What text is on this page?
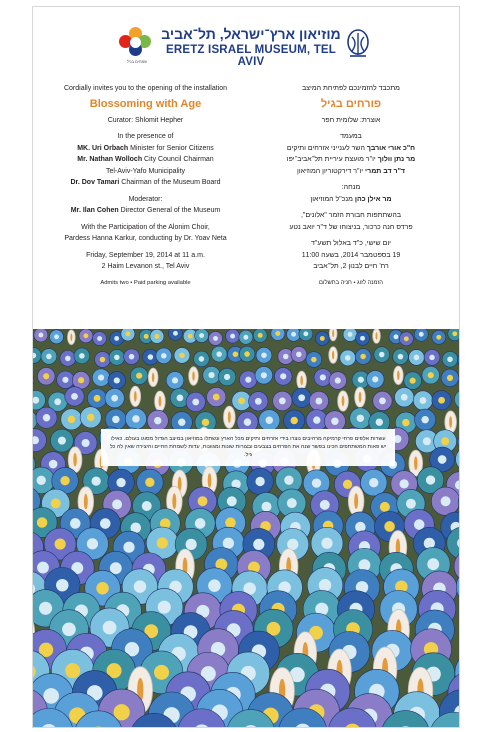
שמחים בגיל
מוזיאון ארץ־ישראל, תל־אביב
ERETZ ISRAEL MUSEUM, TEL AVIV

Cordially invites you to the opening of the installation

Blossoming with Age

Curator: Shlomit Hepher

In the presence of

MK. Uri Orbach Minister for Senior Citizens

Mr. Nathan Wolloch City Council Chairman

Tel-Aviv-Yafo Municipality

Dr. Dov Tamari Chairman of the Museum Board

Moderator:

Mr. Ilan Cohen Director General of the Museum

With the Participation of the Alonim Choir,

Pardess Hanna Karkur, conducting by Dr. Yoav Neta

Friday, September 19, 2014 at 11 a.m.

2 Haim Levanon st., Tel Aviv

Admits two • Paid parking available

מתכבד להזמינכם לפתיחת המיצב

פורחים בגיל

אוצרת: שלומית חפר

במעמד

ח"כ אורי אורבך השר לענייני אזרחים ותיקים

מר נתן וולוך יו"ר מועצת עיריית תל־אביב־יפו

ד"ר דב תמרי יו"ר דירקטוריון המוזיאון

מנחה:

מר אילן כהן מנכ"ל המוזיאון

בהשתתפות חבורת הזמר "אלונים",

פרדס חנה כרכור, בניצוחו של ד"ר יואב נטע

יום שישי, כ"ד באלול תשע"ד

19 בספטמבר 2014, בשעה 11:00

רח' חיים לבנון 2, תל־אביב

הזמנה לזוג • חניה בתשלום

עשרות אלפים פרחי קרמיקה מרהיבים נוצרו בידי אזרחים ותיקים מכל הארץ ונשתלו במוזיאון במיצב הגדול מסוגו בעולם. כאילו יש פאות המשתתפים הכינו בפשר שנה את הפרחים בצבעים ובצורות שונות ומגוונות, עדות לשמחת החיים והיצירה שאין לה כל גיל.
